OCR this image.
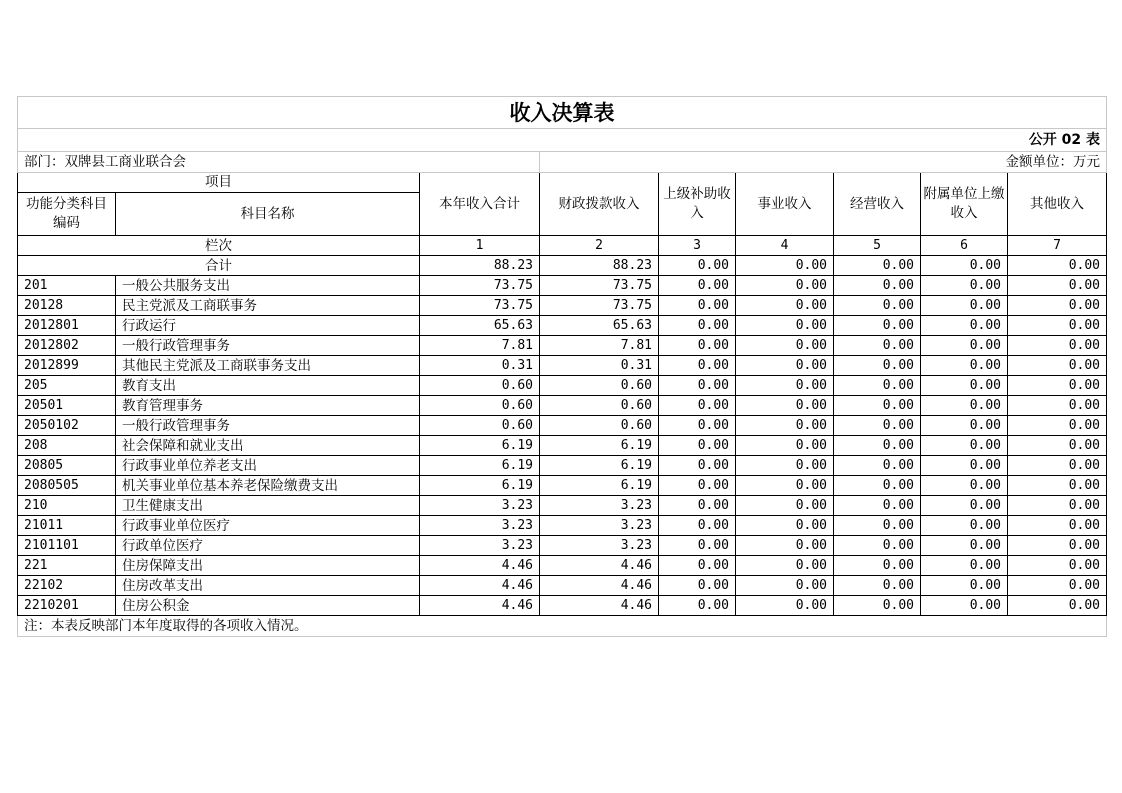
收入决算表								
公开 02 表								
部门：双牌县工商业联合会			金额单位：万元					
项目		本年收入合计	财政拨款收入	上级补助收入	事业收入	经营收入	附属单位上缴收入	其他收入
功能分类科目编码	科目名称							
栏次		1	2	3	4	5	6	7
合计		88.23	88.23	0.00	0.00	0.00	0.00	0.00
201	一般公共服务支出	73.75	73.75	0.00	0.00	0.00	0.00	0.00
20128	民主党派及工商联事务	73.75	73.75	0.00	0.00	0.00	0.00	0.00
2012801	行政运行	65.63	65.63	0.00	0.00	0.00	0.00	0.00
2012802	一般行政管理事务	7.81	7.81	0.00	0.00	0.00	0.00	0.00
2012899	其他民主党派及工商联事务支出	0.31	0.31	0.00	0.00	0.00	0.00	0.00
205	教育支出	0.60	0.60	0.00	0.00	0.00	0.00	0.00
20501	教育管理事务	0.60	0.60	0.00	0.00	0.00	0.00	0.00
2050102	一般行政管理事务	0.60	0.60	0.00	0.00	0.00	0.00	0.00
208	社会保障和就业支出	6.19	6.19	0.00	0.00	0.00	0.00	0.00
20805	行政事业单位养老支出	6.19	6.19	0.00	0.00	0.00	0.00	0.00
2080505	机关事业单位基本养老保险缴费支出	6.19	6.19	0.00	0.00	0.00	0.00	0.00
210	卫生健康支出	3.23	3.23	0.00	0.00	0.00	0.00	0.00
21011	行政事业单位医疗	3.23	3.23	0.00	0.00	0.00	0.00	0.00
2101101	行政单位医疗	3.23	3.23	0.00	0.00	0.00	0.00	0.00
221	住房保障支出	4.46	4.46	0.00	0.00	0.00	0.00	0.00
22102	住房改革支出	4.46	4.46	0.00	0.00	0.00	0.00	0.00
2210201	住房公积金	4.46	4.46	0.00	0.00	0.00	0.00	0.00
注：本表反映部门本年度取得的各项收入情况。								
